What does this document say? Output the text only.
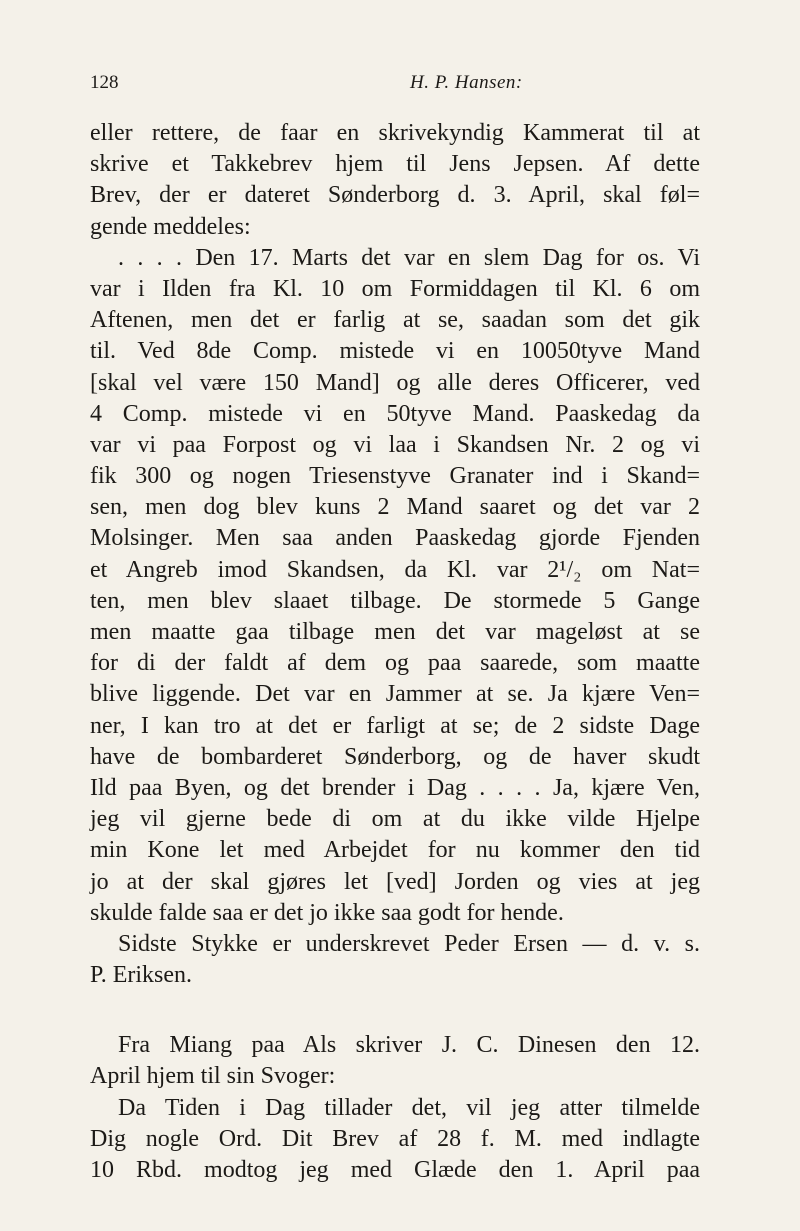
128	H. P. Hansen:
eller rettere, de faar en skrivekyndig Kammerat til at
skrive et Takkebrev hjem til Jens Jepsen. Af dette
Brev, der er dateret Sønderborg d. 3. April, skal føl=
gende meddeles:
. . . . Den 17. Marts det var en slem Dag for os. Vi
var i Ilden fra Kl. 10 om Formiddagen til Kl. 6 om
Aftenen, men det er farlig at se, saadan som det gik
til. Ved 8de Comp. mistede vi en 10050tyve Mand
[skal vel være 150 Mand] og alle deres Officerer, ved
4 Comp. mistede vi en 50tyve Mand. Paaskedag da
var vi paa Forpost og vi laa i Skandsen Nr. 2 og vi
fik 300 og nogen Triesenstyve Granater ind i Skand=
sen, men dog blev kuns 2 Mand saaret og det var 2
Molsinger. Men saa anden Paaskedag gjorde Fjenden
et Angreb imod Skandsen, da Kl. var 2¹/₂ om Nat=
ten, men blev slaaet tilbage. De stormede 5 Gange
men maatte gaa tilbage men det var mageløst at se
for di der faldt af dem og paa saarede, som maatte
blive liggende. Det var en Jammer at se. Ja kjære Ven=
ner, I kan tro at det er farligt at se; de 2 sidste Dage
have de bombarderet Sønderborg, og de haver skudt
Ild paa Byen, og det brender i Dag . . . . Ja, kjære Ven,
jeg vil gjerne bede di om at du ikke vilde Hjelpe
min Kone let med Arbejdet for nu kommer den tid
jo at der skal gjøres let [ved] Jorden og vies at jeg
skulde falde saa er det jo ikke saa godt for hende.
Sidste Stykke er underskrevet Peder Ersen — d. v. s.
P. Eriksen.
Fra Miang paa Als skriver J. C. Dinesen den 12.
April hjem til sin Svoger:
Da Tiden i Dag tillader det, vil jeg atter tilmelde
Dig nogle Ord. Dit Brev af 28 f. M. med indlagte
10 Rbd. modtog jeg med Glæde den 1. April paa
